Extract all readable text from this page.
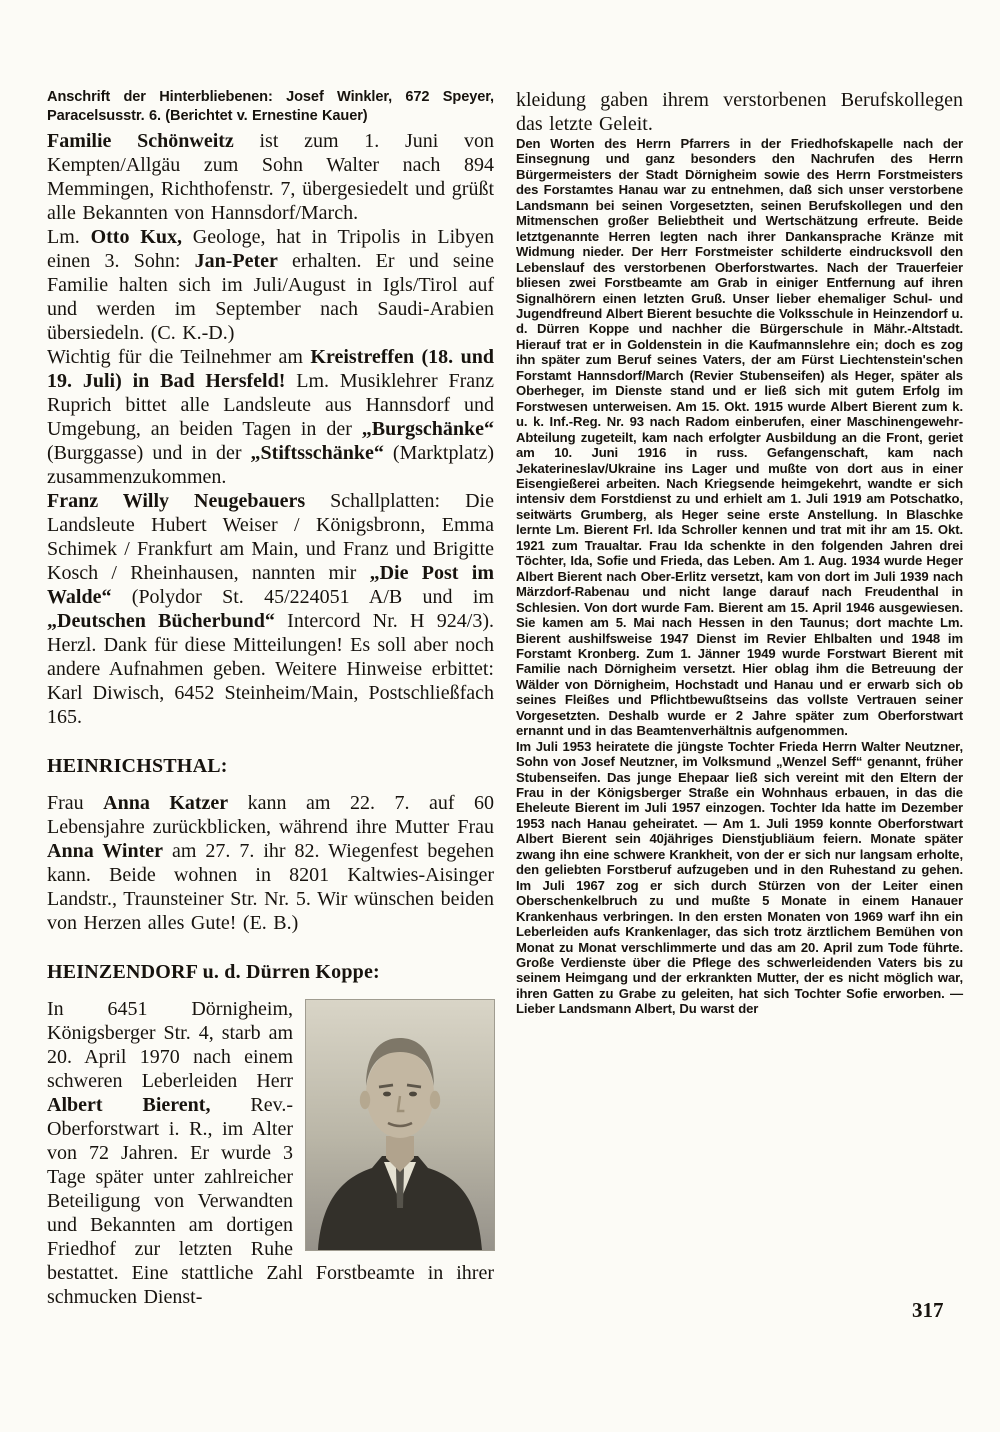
Anschrift der Hinterbliebenen: Josef Winkler, 672 Speyer, Paracelsusstr. 6. (Berichtet v. Ernestine Kauer)

Familie Schönweitz ist zum 1. Juni von Kempten/Allgäu zum Sohn Walter nach 894 Memmingen, Richthofenstr. 7, übergesiedelt und grüßt alle Bekannten von Hannsdorf/March.

Lm. Otto Kux, Geologe, hat in Tripolis in Libyen einen 3. Sohn: Jan-Peter erhalten. Er und seine Familie halten sich im Juli/August in Igls/Tirol auf und werden im September nach Saudi-Arabien übersiedeln. (C. K.-D.)

Wichtig für die Teilnehmer am Kreistreffen (18. und 19. Juli) in Bad Hersfeld! Lm. Musiklehrer Franz Ruprich bittet alle Landsleute aus Hannsdorf und Umgebung, an beiden Tagen in der „Burgschänke“ (Burggasse) und in der „Stiftsschänke“ (Marktplatz) zusammenzukommen.

Franz Willy Neugebauers Schallplatten: Die Landsleute Hubert Weiser / Königsbronn, Emma Schimek / Frankfurt am Main, und Franz und Brigitte Kosch / Rheinhausen, nannten mir „Die Post im Walde“ (Polydor St. 45/224051 A/B und im „Deutschen Bücherbund“ Intercord Nr. H 924/3). Herzl. Dank für diese Mitteilungen! Es soll aber noch andere Aufnahmen geben. Weitere Hinweise erbittet: Karl Diwisch, 6452 Steinheim/Main, Postschließfach 165.

HEINRICHSTHAL:

Frau Anna Katzer kann am 22. 7. auf 60 Lebensjahre zurückblicken, während ihre Mutter Frau Anna Winter am 27. 7. ihr 82. Wiegenfest begehen kann. Beide wohnen in 8201 Kaltwies-Aisinger Landstr., Traunsteiner Str. Nr. 5. Wir wünschen beiden von Herzen alles Gute! (E. B.)

HEINZENDORF u. d. Dürren Koppe:

In 6451 Dörnigheim, Königsberger Str. 4, starb am 20. April 1970 nach einem schweren Leberleiden Herr Albert Bierent, Rev.-Oberforstwart i. R., im Alter von 72 Jahren. Er wurde 3 Tage später unter zahlreicher Beteiligung von Verwandten und Bekannten am dortigen Friedhof zur letzten Ruhe bestattet. Eine stattliche Zahl Forstbeamte in ihrer schmucken Dienst-

kleidung gaben ihrem verstorbenen Berufskollegen das letzte Geleit.

Den Worten des Herrn Pfarrers in der Friedhofskapelle nach der Einsegnung und ganz besonders den Nachrufen des Herrn Bürgermeisters der Stadt Dörnigheim sowie des Herrn Forstmeisters des Forstamtes Hanau war zu entnehmen, daß sich unser verstorbene Landsmann bei seinen Vorgesetzten, seinen Berufskollegen und den Mitmenschen großer Beliebtheit und Wertschätzung erfreute. Beide letztgenannte Herren legten nach ihrer Dankansprache Kränze mit Widmung nieder. Der Herr Forstmeister schilderte eindrucksvoll den Lebenslauf des verstorbenen Oberforstwartes. Nach der Trauerfeier bliesen zwei Forstbeamte am Grab in einiger Entfernung auf ihren Signalhörern einen letzten Gruß. Unser lieber ehemaliger Schul- und Jugendfreund Albert Bierent besuchte die Volksschule in Heinzendorf u. d. Dürren Koppe und nachher die Bürgerschule in Mähr.-Altstadt. Hierauf trat er in Goldenstein in die Kaufmannslehre ein; doch es zog ihn später zum Beruf seines Vaters, der am Fürst Liechtenstein'schen Forstamt Hannsdorf/March (Revier Stubenseifen) als Heger, später als Oberheger, im Dienste stand und er ließ sich mit gutem Erfolg im Forstwesen unterweisen. Am 15. Okt. 1915 wurde Albert Bierent zum k. u. k. Inf.-Reg. Nr. 93 nach Radom einberufen, einer Maschinengewehr-Abteilung zugeteilt, kam nach erfolgter Ausbildung an die Front, geriet am 10. Juni 1916 in russ. Gefangenschaft, kam nach Jekaterineslav/Ukraine ins Lager und mußte von dort aus in einer Eisengießerei arbeiten. Nach Kriegsende heimgekehrt, wandte er sich intensiv dem Forstdienst zu und erhielt am 1. Juli 1919 am Potschatko, seitwärts Grumberg, als Heger seine erste Anstellung. In Blaschke lernte Lm. Bierent Frl. Ida Schroller kennen und trat mit ihr am 15. Okt. 1921 zum Traualtar. Frau Ida schenkte in den folgenden Jahren drei Töchter, Ida, Sofie und Frieda, das Leben. Am 1. Aug. 1934 wurde Heger Albert Bierent nach Ober-Erlitz versetzt, kam von dort im Juli 1939 nach Märzdorf-Rabenau und nicht lange darauf nach Freudenthal in Schlesien. Von dort wurde Fam. Bierent am 15. April 1946 ausgewiesen. Sie kamen am 5. Mai nach Hessen in den Taunus; dort machte Lm. Bierent aushilfsweise 1947 Dienst im Revier Ehlbalten und 1948 im Forstamt Kronberg. Zum 1. Jänner 1949 wurde Forstwart Bierent mit Familie nach Dörnigheim versetzt. Hier oblag ihm die Betreuung der Wälder von Dörnigheim, Hochstadt und Hanau und er erwarb sich ob seines Fleißes und Pflichtbewußtseins das vollste Vertrauen seiner Vorgesetzten. Deshalb wurde er 2 Jahre später zum Oberforstwart ernannt und in das Beamtenverhältnis aufgenommen.

Im Juli 1953 heiratete die jüngste Tochter Frieda Herrn Walter Neutzner, Sohn von Josef Neutzner, im Volksmund „Wenzel Seff“ genannt, früher Stubenseifen. Das junge Ehepaar ließ sich vereint mit den Eltern der Frau in der Königsberger Straße ein Wohnhaus erbauen, in das die Eheleute Bierent im Juli 1957 einzogen. Tochter Ida hatte im Dezember 1953 nach Hanau geheiratet. — Am 1. Juli 1959 konnte Oberforstwart Albert Bierent sein 40jähriges Dienstjubliäum feiern. Monate später zwang ihn eine schwere Krankheit, von der er sich nur langsam erholte, den geliebten Forstberuf aufzugeben und in den Ruhestand zu gehen. Im Juli 1967 zog er sich durch Stürzen von der Leiter einen Oberschenkelbruch zu und mußte 5 Monate in einem Hanauer Krankenhaus verbringen. In den ersten Monaten von 1969 warf ihn ein Leberleiden aufs Krankenlager, das sich trotz ärztlichem Bemühen von Monat zu Monat verschlimmerte und das am 20. April zum Tode führte. Große Verdienste über die Pflege des schwerleidenden Vaters bis zu seinem Heimgang und der erkrankten Mutter, der es nicht möglich war, ihren Gatten zu Grabe zu geleiten, hat sich Tochter Sofie erworben. — Lieber Landsmann Albert, Du warst der

317
